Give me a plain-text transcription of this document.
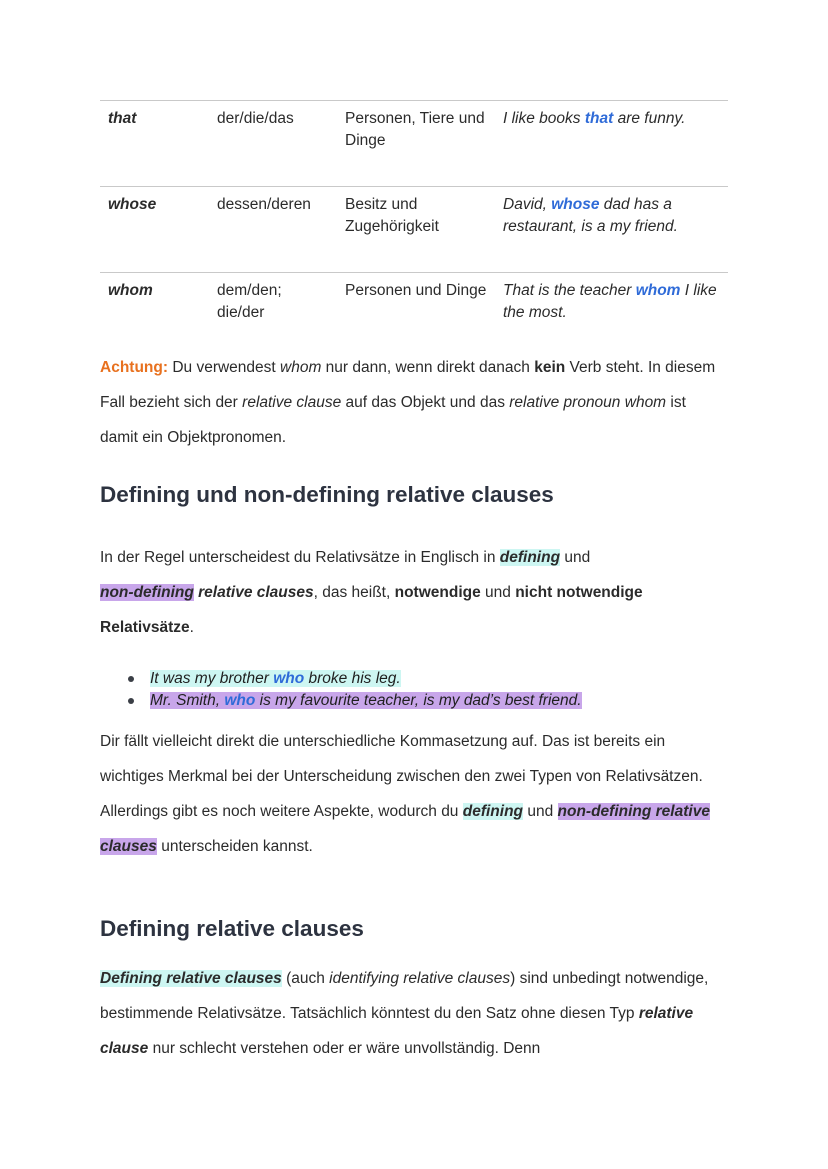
that	der/die/das	Personen, Tiere und Dinge	I like books that are funny.
whose	dessen/deren	Besitz und Zugehörigkeit	David, whose dad has a restaurant, is a my friend.
whom	dem/den; die/der	Personen und Dinge	That is the teacher whom I like the most.

Achtung: Du verwendest whom nur dann, wenn direkt danach kein Verb steht. In diesem Fall bezieht sich der relative clause auf das Objekt und das relative pronoun whom ist damit ein Objektpronomen.

Defining und non-defining relative clauses

In der Regel unterscheidest du Relativsätze in Englisch in defining und
non-defining relative clauses, das heißt, notwendige und nicht notwendige Relativsätze.

It was my brother who broke his leg.
Mr. Smith, who is my favourite teacher, is my dad’s best friend.

Dir fällt vielleicht direkt die unterschiedliche Kommasetzung auf. Das ist bereits ein wichtiges Merkmal bei der Unterscheidung zwischen den zwei Typen von Relativsätzen. Allerdings gibt es noch weitere Aspekte, wodurch du defining und non-defining relative clauses unterscheiden kannst.

Defining relative clauses

Defining relative clauses (auch identifying relative clauses) sind unbedingt notwendige, bestimmende Relativsätze. Tatsächlich könntest du den Satz ohne diesen Typ relative clause nur schlecht verstehen oder er wäre unvollständig. Denn
